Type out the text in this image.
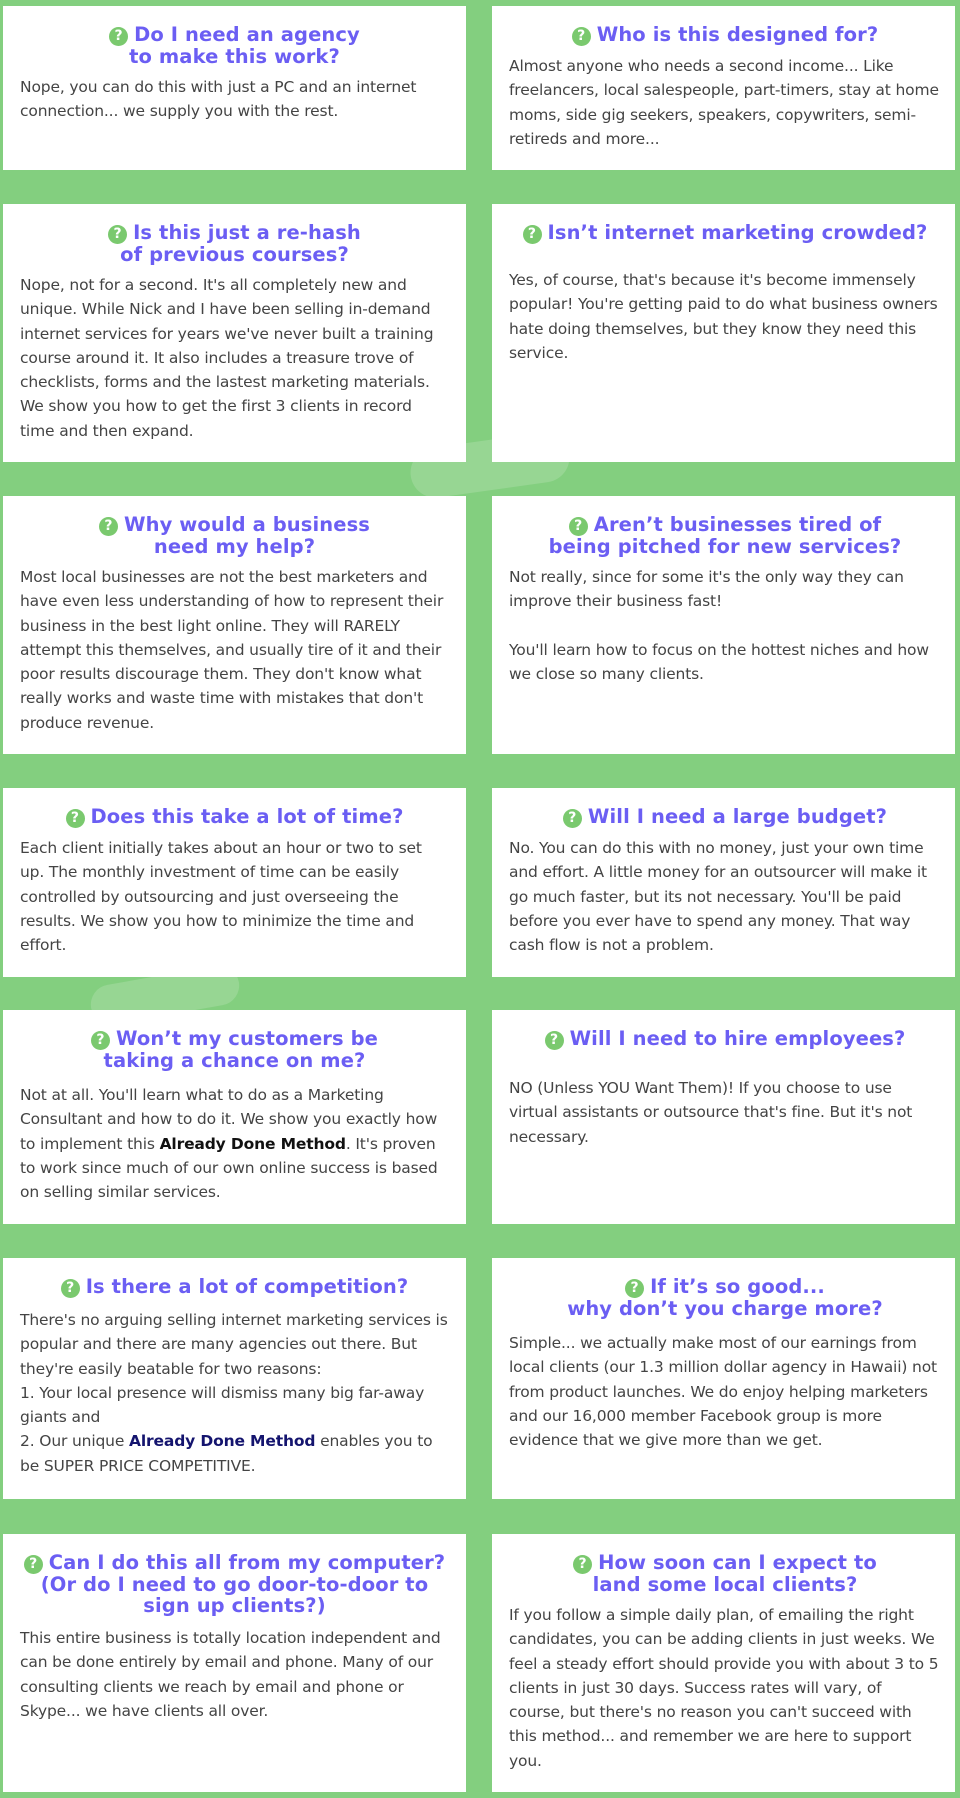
? Do I need an agency
to make this work?

Nope, you can do this with just a PC and an internet connection... we supply you with the rest.

? Who is this designed for?

Almost anyone who needs a second income... Like freelancers, local salespeople, part-timers, stay at home moms, side gig seekers, speakers, copywriters, semi-retireds and more...

? Is this just a re-hash
of previous courses?

Nope, not for a second. It's all completely new and unique. While Nick and I have been selling in-demand internet services for years we've never built a training course around it. It also includes a treasure trove of checklists, forms and the lastest marketing materials. We show you how to get the first 3 clients in record time and then expand.

? Isn’t internet marketing crowded?

Yes, of course, that's because it's become immensely popular! You're getting paid to do what business owners hate doing themselves, but they know they need this service.

? Why would a business
need my help?

Most local businesses are not the best marketers and have even less understanding of how to represent their business in the best light online. They will RARELY attempt this themselves, and usually tire of it and their poor results discourage them. They don't know what really works and waste time with mistakes that don't produce revenue.

? Aren’t businesses tired of
being pitched for new services?

Not really, since for some it's the only way they can improve their business fast!

You'll learn how to focus on the hottest niches and how we close so many clients.

? Does this take a lot of time?

Each client initially takes about an hour or two to set up. The monthly investment of time can be easily controlled by outsourcing and just overseeing the results. We show you how to minimize the time and effort.

? Will I need a large budget?

No. You can do this with no money, just your own time and effort. A little money for an outsourcer will make it go much faster, but its not necessary. You'll be paid before you ever have to spend any money. That way cash flow is not a problem.

? Won’t my customers be
taking a chance on me?

Not at all. You'll learn what to do as a Marketing Consultant and how to do it. We show you exactly how to implement this Already Done Method. It's proven to work since much of our own online success is based on selling similar services.

? Will I need to hire employees?

NO (Unless YOU Want Them)! If you choose to use virtual assistants or outsource that's fine. But it's not necessary.

? Is there a lot of competition?

There's no arguing selling internet marketing services is popular and there are many agencies out there. But they're easily beatable for two reasons:

1. Your local presence will dismiss many big far-away giants and

2. Our unique Already Done Method enables you to be SUPER PRICE COMPETITIVE.

? If it’s so good...
why don’t you charge more?

Simple... we actually make most of our earnings from local clients (our 1.3 million dollar agency in Hawaii) not from product launches. We do enjoy helping marketers and our 16,000 member Facebook group is more evidence that we give more than we get.

? Can I do this all from my computer?
(Or do I need to go door-to-door to
sign up clients?)

This entire business is totally location independent and can be done entirely by email and phone. Many of our consulting clients we reach by email and phone or Skype... we have clients all over.

? How soon can I expect to
land some local clients?

If you follow a simple daily plan, of emailing the right candidates, you can be adding clients in just weeks. We feel a steady effort should provide you with about 3 to 5 clients in just 30 days. Success rates will vary, of course, but there's no reason you can't succeed with this method... and remember we are here to support you.
